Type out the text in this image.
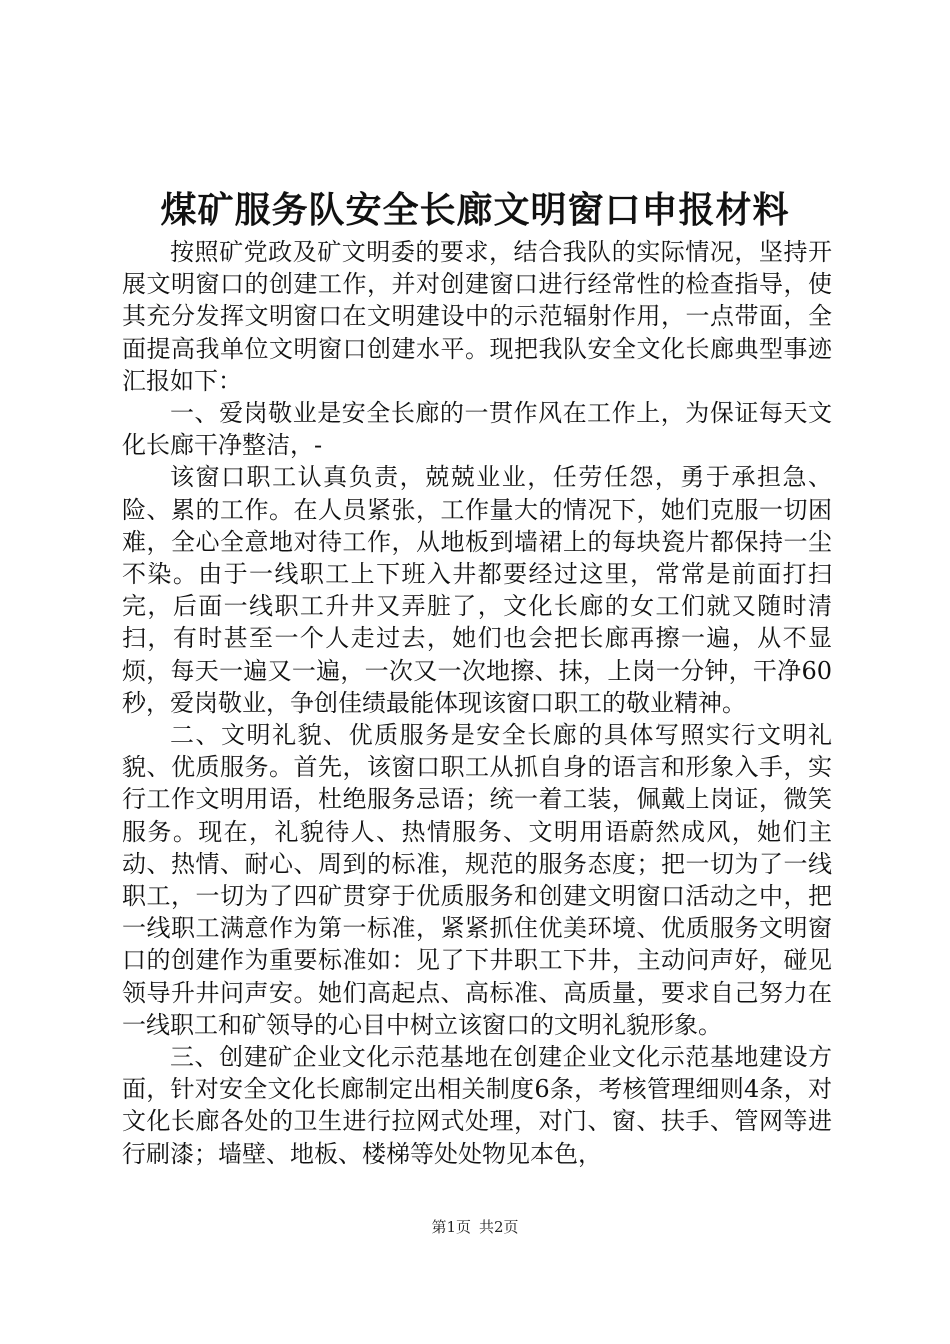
煤矿服务队安全长廊文明窗口申报材料

按照矿党政及矿文明委的要求，结合我队的实际情况，坚持开展文明窗口的创建工作，并对创建窗口进行经常性的检查指导，使其充分发挥文明窗口在文明建设中的示范辐射作用，一点带面，全面提高我单位文明窗口创建水平。现把我队安全文化长廊典型事迹汇报如下：

一、爱岗敬业是安全长廊的一贯作风在工作上，为保证每天文化长廊干净整洁，-

该窗口职工认真负责，兢兢业业，任劳任怨，勇于承担急、险、累的工作。在人员紧张，工作量大的情况下，她们克服一切困难，全心全意地对待工作，从地板到墙裙上的每块瓷片都保持一尘不染。由于一线职工上下班入井都要经过这里，常常是前面打扫完，后面一线职工升井又弄脏了，文化长廊的女工们就又随时清扫，有时甚至一个人走过去，她们也会把长廊再擦一遍，从不显烦，每天一遍又一遍，一次又一次地擦、抹，上岗一分钟，干净60秒，爱岗敬业，争创佳绩最能体现该窗口职工的敬业精神。

二、文明礼貌、优质服务是安全长廊的具体写照实行文明礼貌、优质服务。首先，该窗口职工从抓自身的语言和形象入手，实行工作文明用语，杜绝服务忌语；统一着工装，佩戴上岗证，微笑服务。现在，礼貌待人、热情服务、文明用语蔚然成风，她们主动、热情、耐心、周到的标准，规范的服务态度；把一切为了一线职工，一切为了四矿贯穿于优质服务和创建文明窗口活动之中，把一线职工满意作为第一标准，紧紧抓住优美环境、优质服务文明窗口的创建作为重要标准如：见了下井职工下井，主动问声好，碰见领导升井问声安。她们高起点、高标准、高质量，要求自己努力在一线职工和矿领导的心目中树立该窗口的文明礼貌形象。

三、创建矿企业文化示范基地在创建企业文化示范基地建设方面，针对安全文化长廊制定出相关制度6条，考核管理细则4条，对文化长廊各处的卫生进行拉网式处理，对门、窗、扶手、管网等进行刷漆；墙壁、地板、楼梯等处处物见本色，

第1页 共2页
